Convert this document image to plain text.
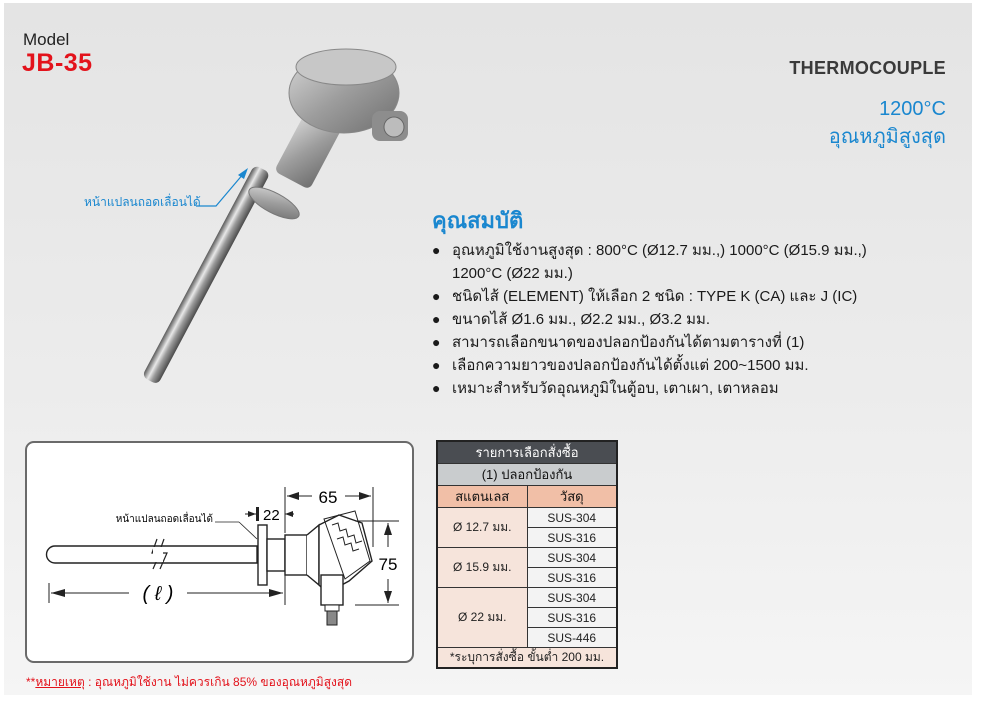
Model
JB-35	THERMOCOUPLE
1200°C
อุณหภูมิสูงสุด
หน้าแปลนถอดเลื่อนได้
คุณสมบัติ
● อุณหภูมิใช้งานสูงสุด : 800°C (Ø12.7 มม.,) 1000°C (Ø15.9 มม.,)
1200°C (Ø22 มม.)
● ชนิดไส้ (ELEMENT) ให้เลือก 2 ชนิด : TYPE K (CA) และ J (IC)
● ขนาดไส้ Ø1.6 มม., Ø2.2 มม., Ø3.2 มม.
● สามารถเลือกขนาดของปลอกป้องกันได้ตามตารางที่ (1)
● เลือกความยาวของปลอกป้องกันได้ตั้งแต่ 200~1500 มม.
● เหมาะสำหรับวัดอุณหภูมิในตู้อบ, เตาเผา, เตาหลอม
( ℓ )
22
65
75
หน้าแปลนถอดเลื่อนได้
รายการเลือกสั่งซื้อ	
(1) ปลอกป้องกัน	
สแตนเลส	วัสดุ
Ø 12.7 มม.	SUS-304
	SUS-316
Ø 15.9 มม.	SUS-304
	SUS-316
Ø 22 มม.	SUS-304
	SUS-316
	SUS-446
*ระบุการสั่งซื้อ ขั้นต่ำ 200 มม.	
**หมายเหตุ : อุณหภูมิใช้งาน ไม่ควรเกิน 85% ของอุณหภูมิสูงสุด
